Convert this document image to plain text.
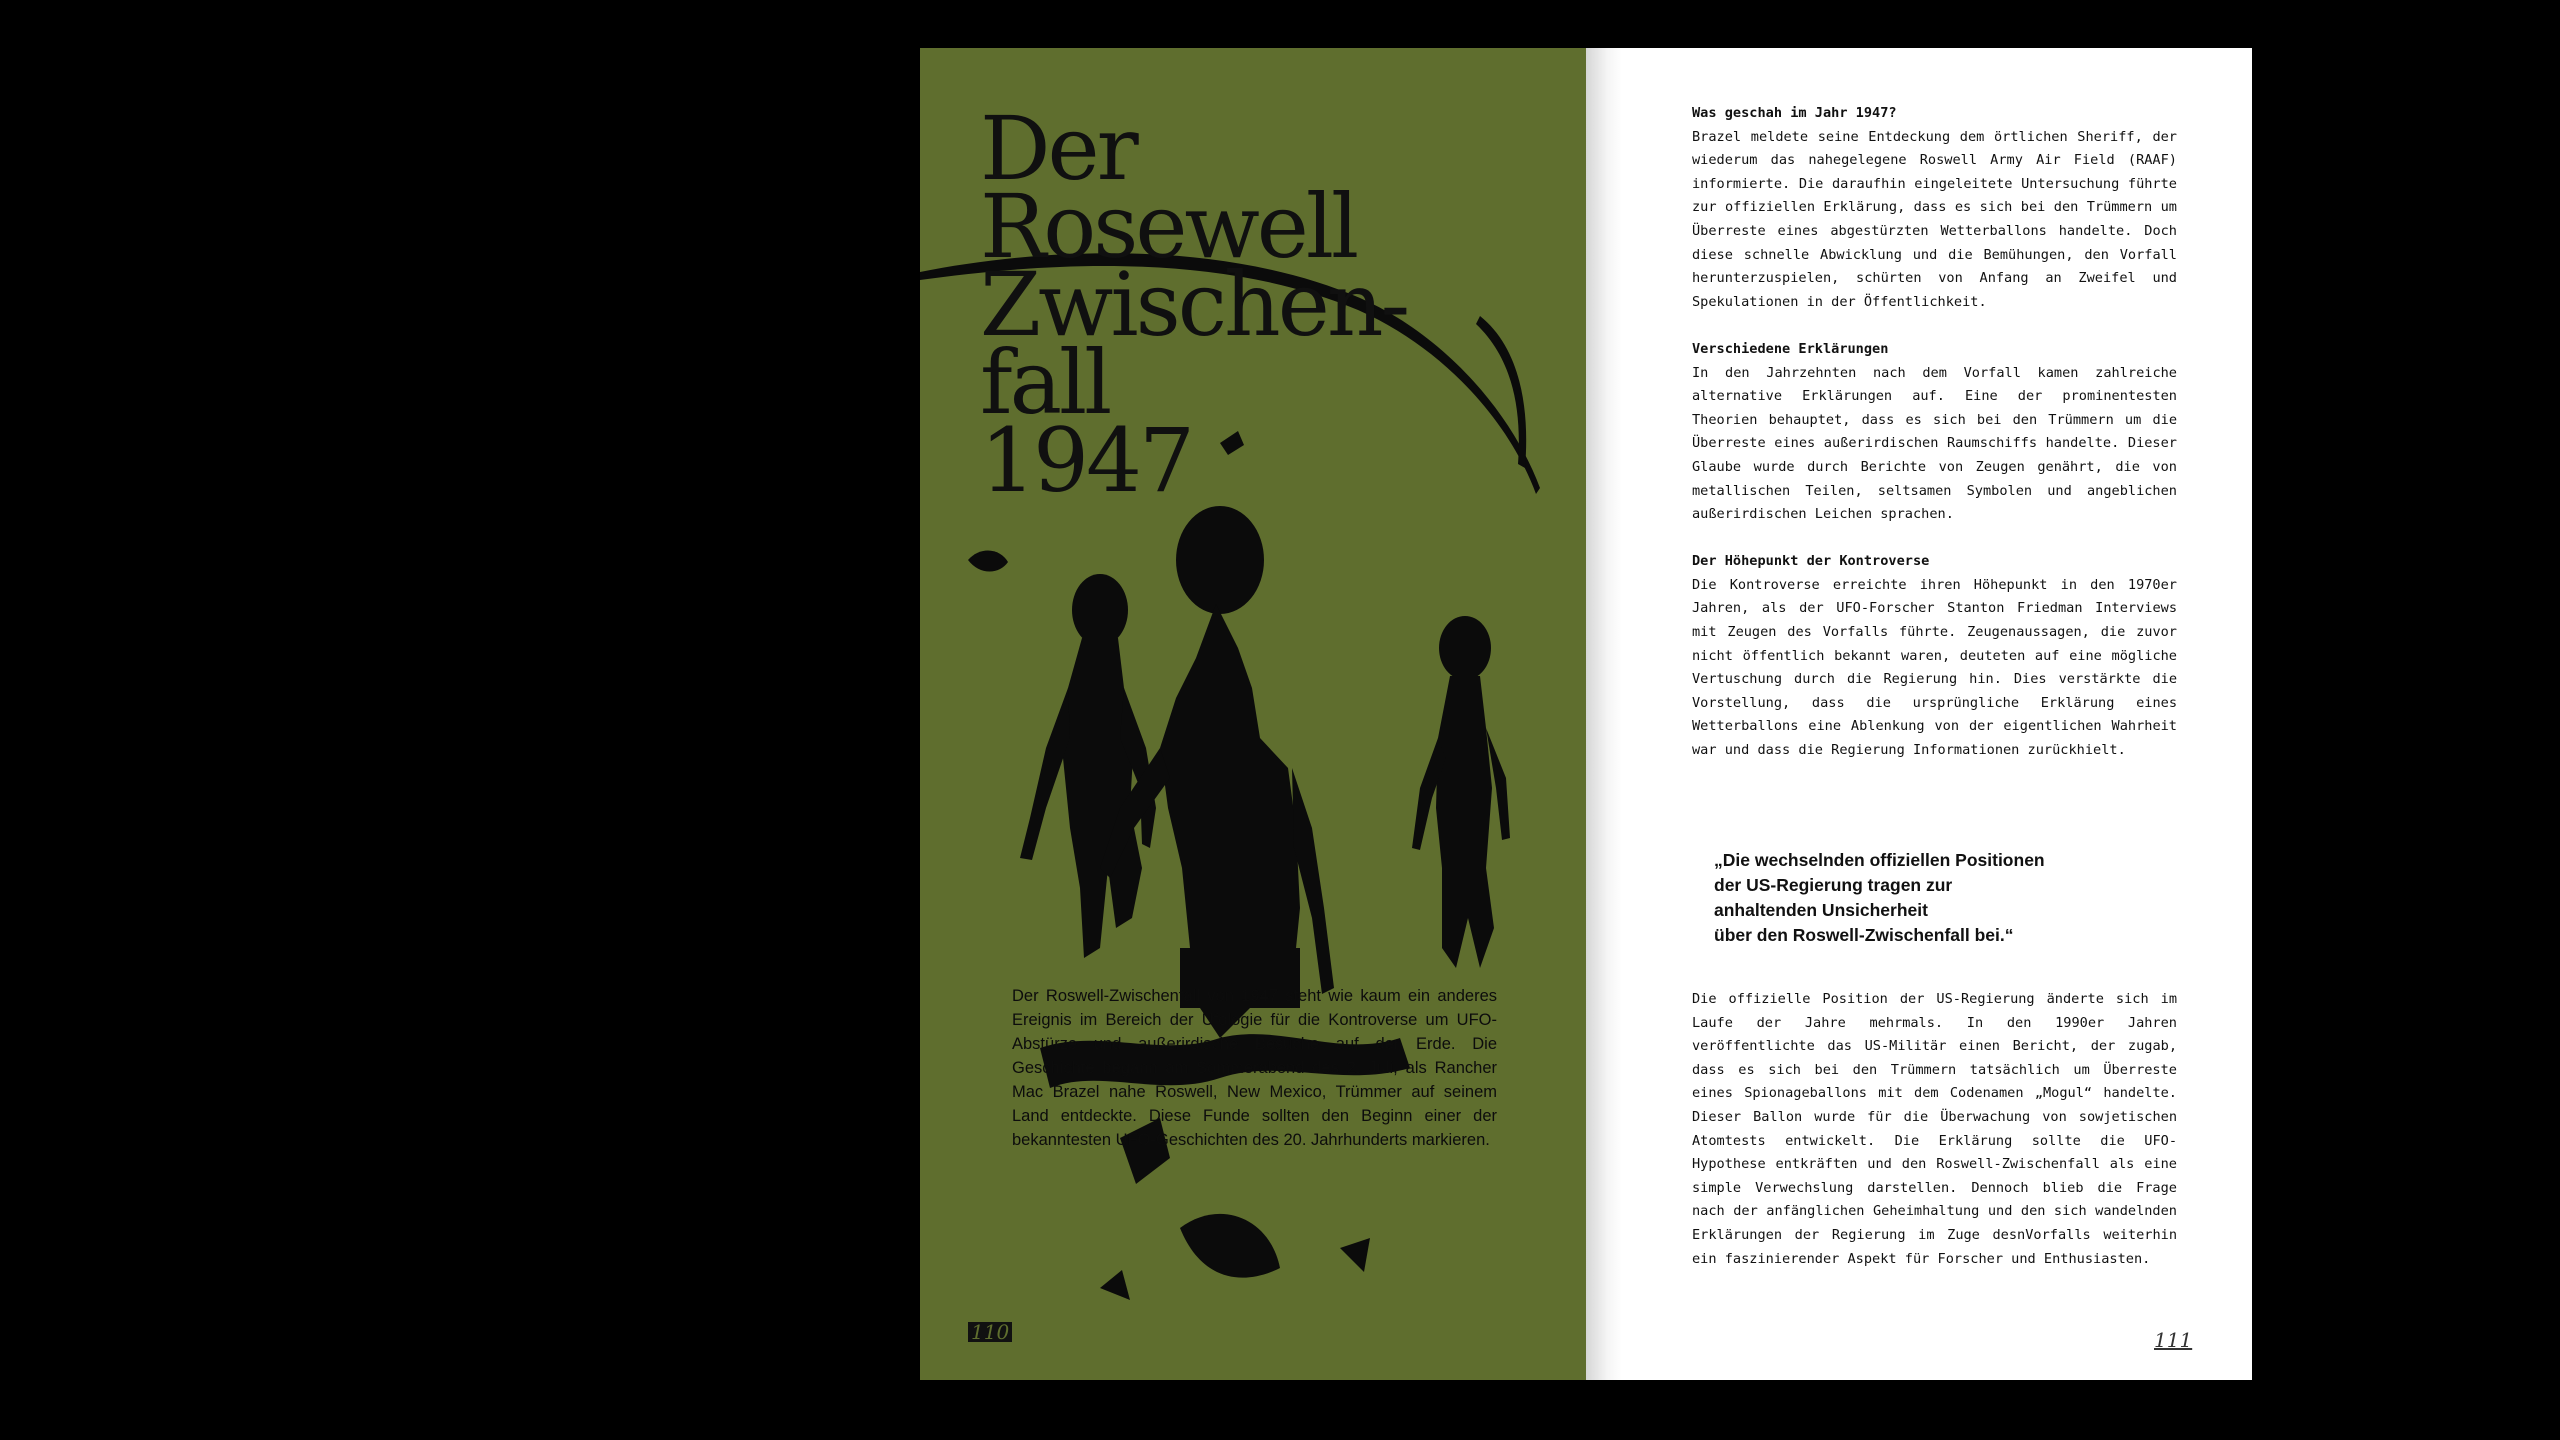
Der
Rosewell
Zwischen-
fall
1947

Der Roswell-Zwischenfall von 1947 steht wie kaum ein anderes Ereignis im Bereich der Ufologie für die Kontroverse um UFO-Abstürze und außerirdische Besuche auf der Erde. Die Geschichte begann am Sommerabend des 2. Juli, als Rancher Mac Brazel nahe Roswell, New Mexico, Trümmer auf seinem Land entdeckte. Diese Funde sollten den Beginn einer der bekanntesten UFO-Geschichten des 20. Jahrhunderts markieren.

110
Was geschah im Jahr 1947?

Brazel meldete seine Entdeckung dem örtlichen Sheriff, der wiederum das nahegelegene Roswell Army Air Field (RAAF) informierte. Die daraufhin eingeleitete Untersuchung führte zur offiziellen Erklärung, dass es sich bei den Trümmern um Überreste eines abgestürzten Wetterballons handelte. Doch diese schnelle Abwicklung und die Bemühungen, den Vorfall herunterzuspielen, schürten von Anfang an Zweifel und Spekulationen in der Öffentlichkeit.

Verschiedene Erklärungen

In den Jahrzehnten nach dem Vorfall kamen zahlreiche alternative Erklärungen auf. Eine der prominentesten Theorien behauptet, dass es sich bei den Trümmern um die Überreste eines außerirdischen Raumschiffs handelte. Dieser Glaube wurde durch Berichte von Zeugen genährt, die von metallischen Teilen, seltsamen Symbolen und angeblichen außerirdischen Leichen sprachen.

Der Höhepunkt der Kontroverse

Die Kontroverse erreichte ihren Höhepunkt in den 1970er Jahren, als der UFO-Forscher Stanton Friedman Interviews mit Zeugen des Vorfalls führte. Zeugenaussagen, die zuvor nicht öffentlich bekannt waren, deuteten auf eine mögliche Vertuschung durch die Regierung hin. Dies verstärkte die Vorstellung, dass die ursprüngliche Erklärung eines Wetterballons eine Ablenkung von der eigentlichen Wahrheit war und dass die Regierung Informationen zurückhielt.

„Die wechselnden offiziellen Positionen
der US-Regierung tragen zur
anhaltenden Unsicherheit
über den Roswell-Zwischenfall bei.“

Die offizielle Position der US-Regierung änderte sich im Laufe der Jahre mehrmals. In den 1990er Jahren veröffentlichte das US-Militär einen Bericht, der zugab, dass es sich bei den Trümmern tatsächlich um Überreste eines Spionageballons mit dem Codenamen „Mogul“ handelte. Dieser Ballon wurde für die Überwachung von sowjetischen Atomtests entwickelt. Die Erklärung sollte die UFO-Hypothese entkräften und den Roswell-Zwischenfall als eine simple Verwechslung darstellen. Dennoch blieb die Frage nach der anfänglichen Geheimhaltung und den sich wandelnden Erklärungen der Regierung im Zuge desnVorfalls weiterhin ein faszinierender Aspekt für Forscher und Enthusiasten.

111
